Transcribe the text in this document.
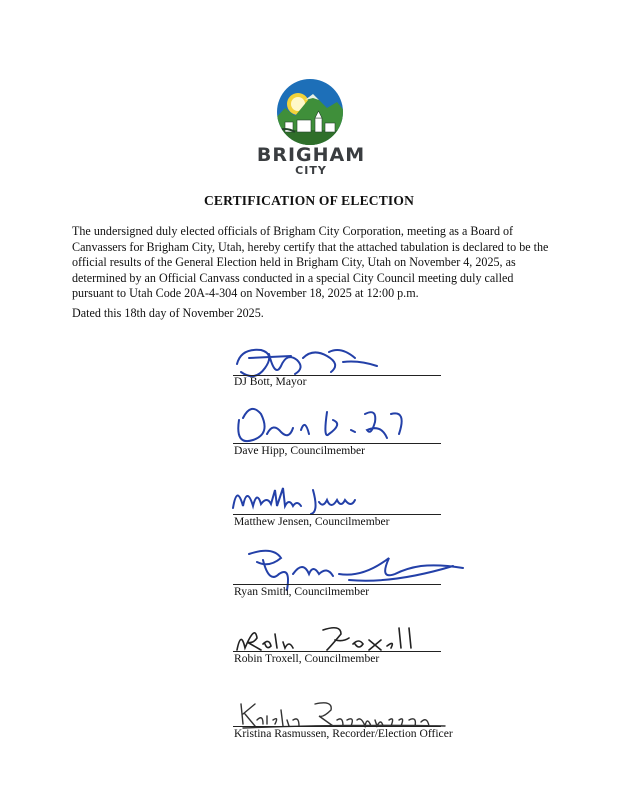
BRIGHAM
CITY
CERTIFICATION OF ELECTION

The undersigned duly elected officials of Brigham City Corporation, meeting as a Board of Canvassers for Brigham City, Utah, hereby certify that the attached tabulation is declared to be the official results of the General Election held in Brigham City, Utah on November 4, 2025, as determined by an Official Canvass conducted in a special City Council meeting duly called pursuant to Utah Code 20A-4-304 on November 18, 2025 at 12:00 p.m.

Dated this 18th day of November 2025.

DJ Bott, Mayor
Dave Hipp, Councilmember
Matthew Jensen, Councilmember
Ryan Smith, Councilmember
Robin Troxell, Councilmember
Kristina Rasmussen, Recorder/Election Officer
